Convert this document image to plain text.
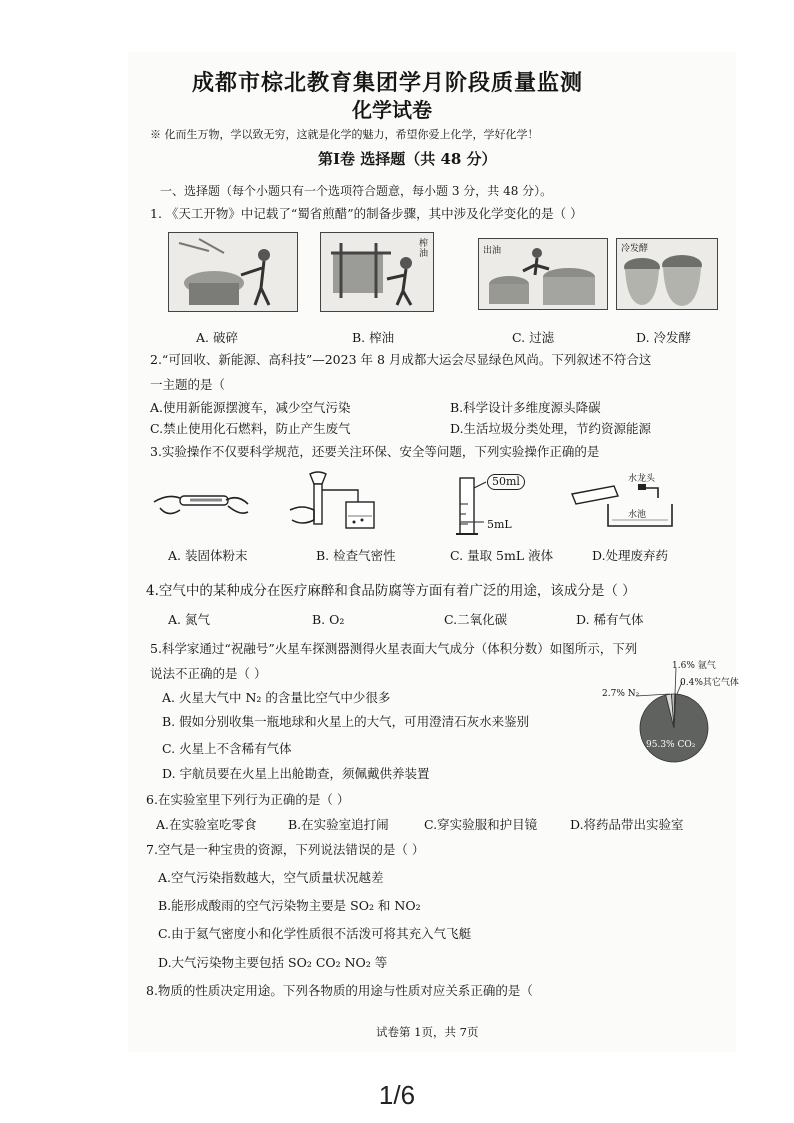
成都市棕北教育集团学月阶段质量监测
化学试卷
※ 化而生万物，学以致无穷，这就是化学的魅力，希望你爱上化学，学好化学！
第Ⅰ卷 选择题（共 48 分）
一、选择题（每个小题只有一个选项符合题意，每小题 3 分，共 48 分）。
1. 《天工开物》中记载了“蜀省煎醋”的制备步骤，其中涉及化学变化的是（ ）
榨油	出油	冷发酵
A. 破碎	B. 榨油	C. 过滤	D. 冷发酵
2.“可回收、新能源、高科技”—2023 年 8 月成都大运会尽显绿色风尚。下列叙述不符合这
一主题的是（
A.使用新能源摆渡车，减少空气污染	B.科学设计多维度源头降碳
C.禁止使用化石燃料，防止产生废气	D.生活垃圾分类处理，节约资源能源
3.实验操作不仅要科学规范，还要关注环保、安全等问题，下列实验操作正确的是
50ml
5mL
水龙头
水池
A. 装固体粉末	B. 检查气密性	C. 量取 5mL 液体	D.处理废弃药
4.空气中的某种成分在医疗麻醉和食品防腐等方面有着广泛的用途，该成分是（ ）
A. 氮气	B. O₂	C.二氧化碳	D. 稀有气体
5.科学家通过“祝融号”火星车探测器测得火星表面大气成分（体积分数）如图所示，下列
说法不正确的是（ ）
A. 火星大气中 N₂ 的含量比空气中少很多
B. 假如分别收集一瓶地球和火星上的大气，可用澄清石灰水来鉴别
C. 火星上不含稀有气体
D. 宇航员要在火星上出舱勘查，须佩戴供养装置
1.6% 氩气
0.4%其它气体
2.7% N₂
95.3% CO₂
6.在实验室里下列行为正确的是（ ）
A.在实验室吃零食	B.在实验室追打闹	C.穿实验服和护目镜	D.将药品带出实验室
7.空气是一种宝贵的资源，下列说法错误的是（ ）
A.空气污染指数越大，空气质量状况越差
B.能形成酸雨的空气污染物主要是 SO₂ 和 NO₂
C.由于氦气密度小和化学性质很不活泼可将其充入气飞艇
D.大气污染物主要包括 SO₂ CO₂ NO₂ 等
8.物质的性质决定用途。下列各物质的用途与性质对应关系正确的是（
试卷第 1页，共 7页
1/6
